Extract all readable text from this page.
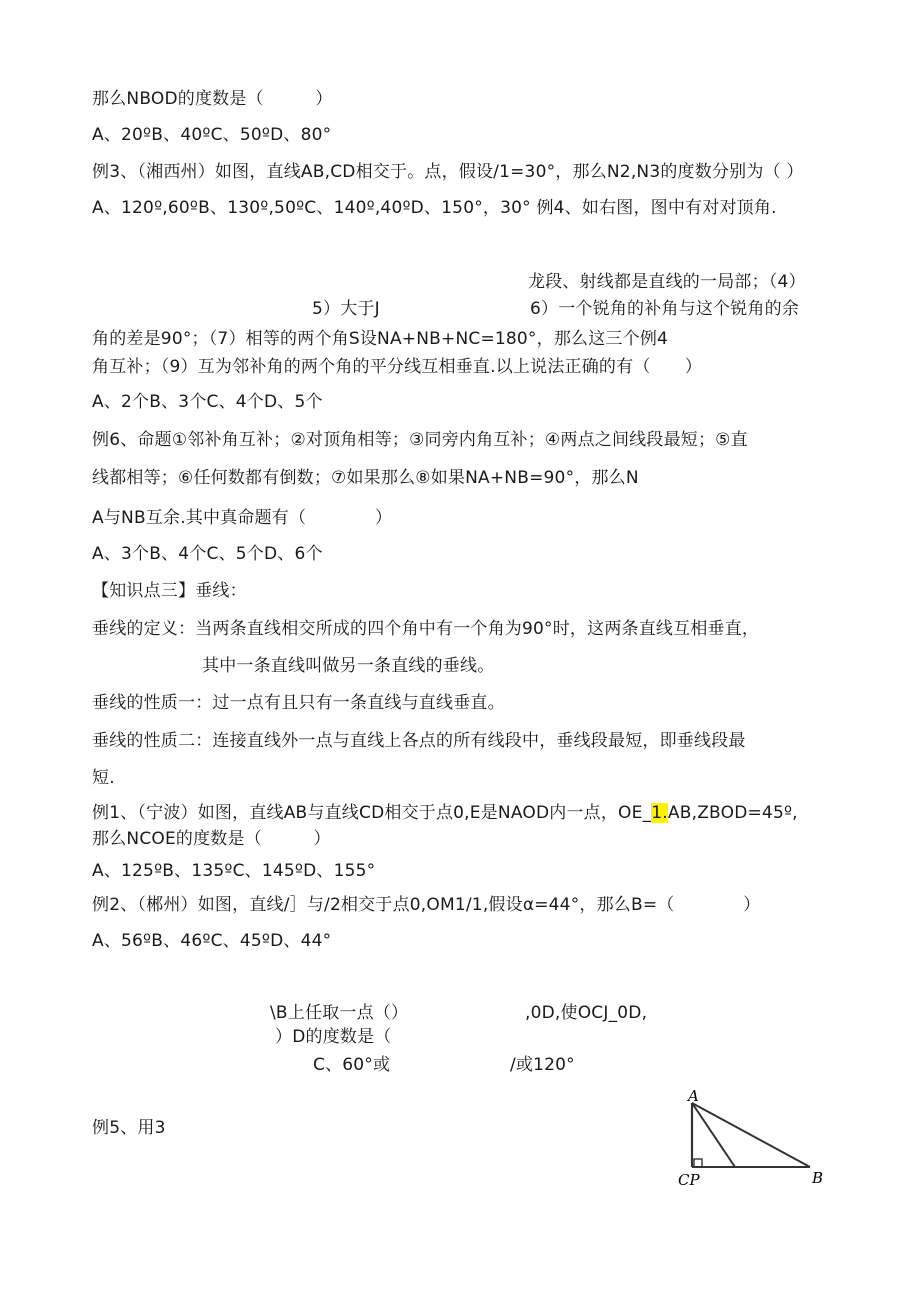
那么NBOD的度数是（　　　）
A、20ºB、40ºC、50ºD、80°
例3、（湘西州）如图，直线AB,CD相交于。点，假设/1=30°，那么N2,N3的度数分别为（ ）
A、120º,60ºB、130º,50ºC、140º,40ºD、150°，30° 例4、如右图，图中有对对顶角.
龙段、射线都是直线的一局部；（4）
5）大于J	6）一个锐角的补角与这个锐角的余
角的差是90°；（7）相等的两个角S设NA+NB+NC=180°，那么这三个例4
角互补；（9）互为邻补角的两个角的平分线互相垂直.以上说法正确的有（　　）
A、2个B、3个C、4个D、5个
例6、命题①邻补角互补；②对顶角相等；③同旁内角互补；④两点之间线段最短；⑤直
线都相等；⑥任何数都有倒数；⑦如果那么⑧如果NA+NB=90°，那么N
A与NB互余.其中真命题有（　　　　）
A、3个B、4个C、5个D、6个
【知识点三】垂线：
垂线的定义：当两条直线相交所成的四个角中有一个角为90°时，这两条直线互相垂直，
其中一条直线叫做另一条直线的垂线。
垂线的性质一：过一点有且只有一条直线与直线垂直。
垂线的性质二：连接直线外一点与直线上各点的所有线段中，垂线段最短，即垂线段最
短.
例1、（宁波）如图，直线AB与直线CD相交于点0,E是NAOD内一点，OE_1.AB,ZBOD=45º,
那么NCOE的度数是（　　　）
A、125ºB、135ºC、145ºD、155°
例2、（郴州）如图，直线/］与/2相交于点0,OM1/1,假设α=44°，那么B=（　　　　）
A、56ºB、46ºC、45ºD、44°
\B上任取一点（）	,0D,使OCJ_0D,
）D的度数是（
C、60°或	/或120°
例5、用3
A
CP	B
